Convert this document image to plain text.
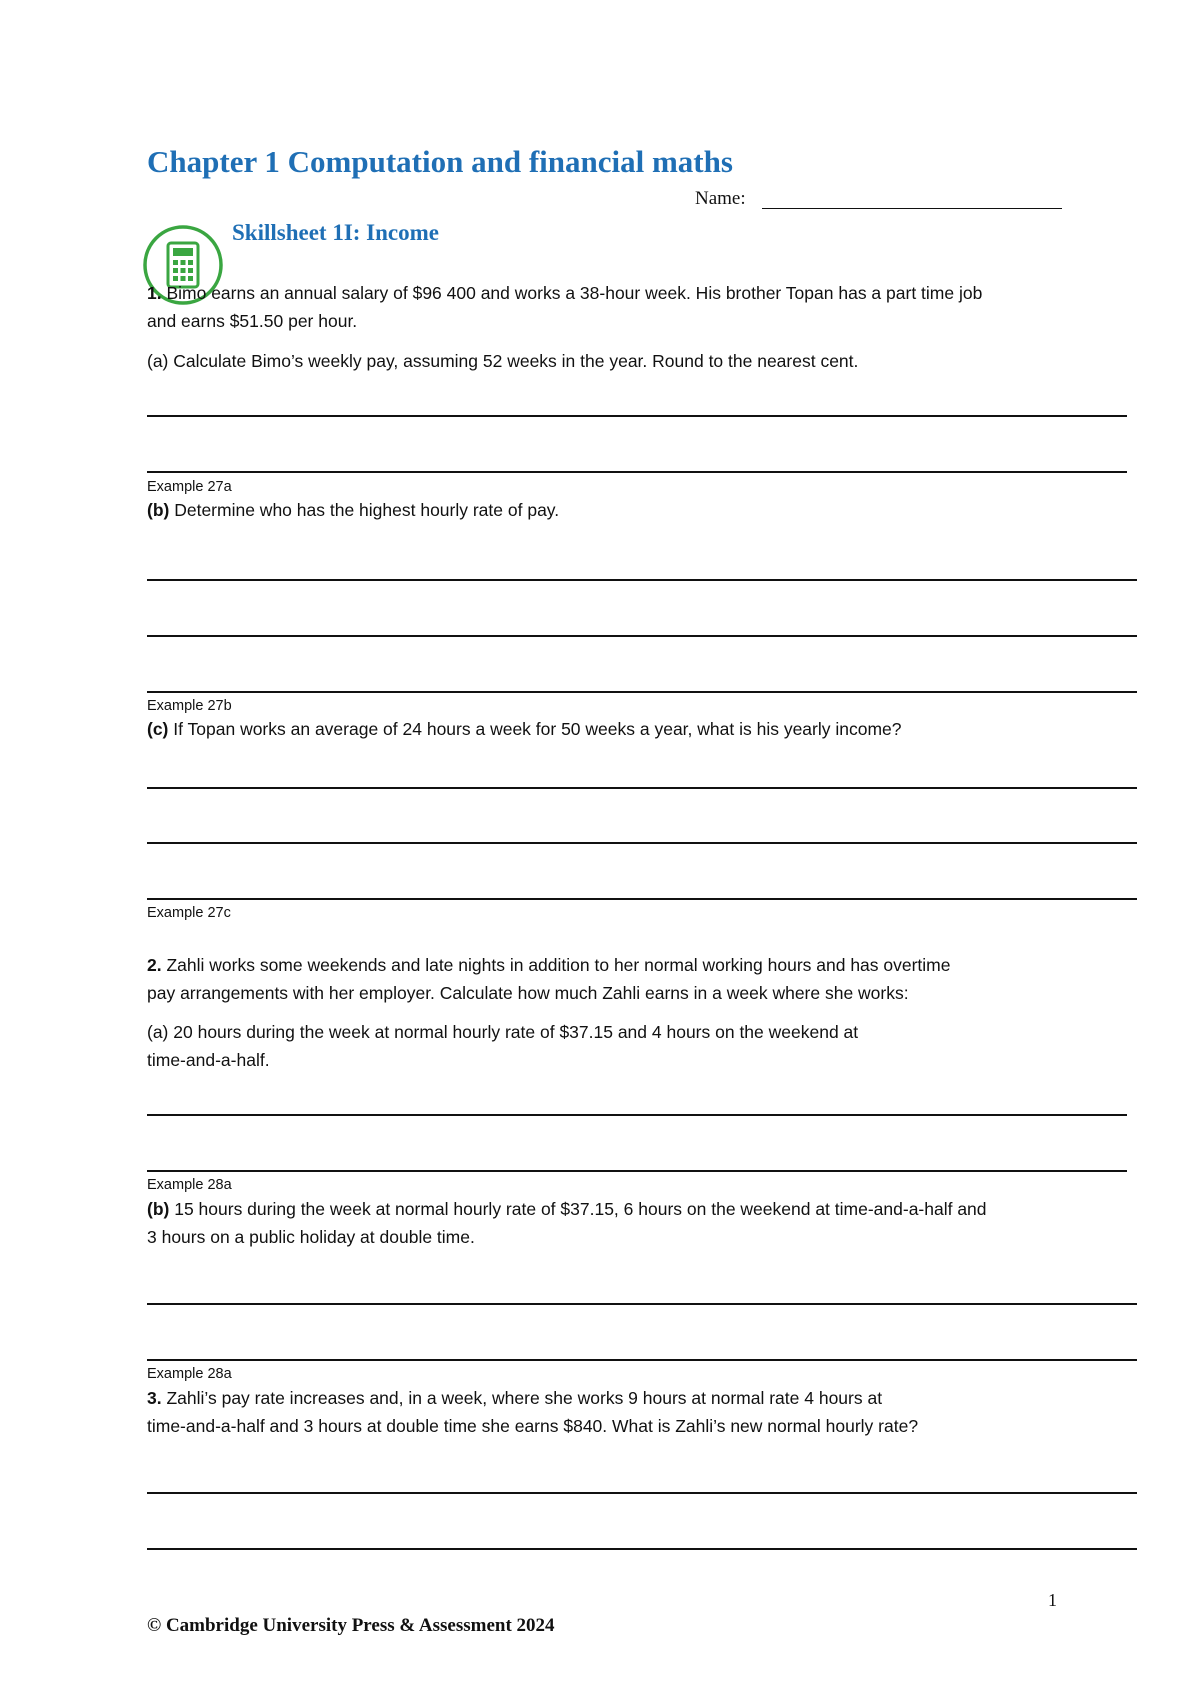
Chapter 1 Computation and financial maths
Name:
Skillsheet 1I: Income
1. Bimo earns an annual salary of $96 400 and works a 38-hour week. His brother Topan has a part time job
and earns $51.50 per hour.
(a) Calculate Bimo’s weekly pay, assuming 52 weeks in the year. Round to the nearest cent.
Example 27a
(b) Determine who has the highest hourly rate of pay.
Example 27b
(c) If Topan works an average of 24 hours a week for 50 weeks a year, what is his yearly income?
Example 27c
2. Zahli works some weekends and late nights in addition to her normal working hours and has overtime
pay arrangements with her employer. Calculate how much Zahli earns in a week where she works:
(a) 20 hours during the week at normal hourly rate of $37.15 and 4 hours on the weekend at
time-and-a-half.
Example 28a
(b) 15 hours during the week at normal hourly rate of $37.15, 6 hours on the weekend at time-and-a-half and
3 hours on a public holiday at double time.
Example 28a
3. Zahli’s pay rate increases and, in a week, where she works 9 hours at normal rate 4 hours at
time-and-a-half and 3 hours at double time she earns $840. What is Zahli’s new normal hourly rate?
1
© Cambridge University Press & Assessment 2024
